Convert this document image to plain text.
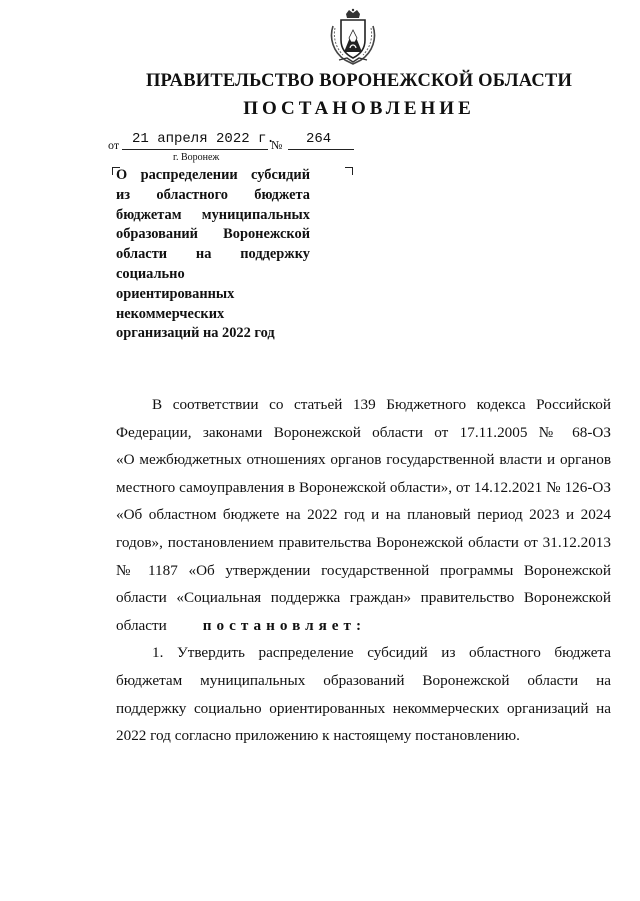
ПРАВИТЕЛЬСТВО ВОРОНЕЖСКОЙ ОБЛАСТИ
ПОСТАНОВЛЕНИЕ
от 21 апреля 2022 г.
№ 264
г. Воронеж
О распределении субсидий
из областного бюджета
бюджетам муниципальных
образований Воронежской
области на поддержку
социально
ориентированных
некоммерческих
организаций на 2022 год
В соответствии со статьей 139 Бюджетного кодекса Российской
Федерации, законами Воронежской области от 17.11.2005 № 68-ОЗ
«О межбюджетных отношениях органов государственной власти и органов
местного самоуправления в Воронежской области», от 14.12.2021 № 126-ОЗ
«Об областном бюджете на 2022 год и на плановый период 2023 и 2024
годов», постановлением правительства Воронежской области от 31.12.2013
№ 1187 «Об утверждении государственной программы Воронежской
области «Социальная поддержка граждан» правительство Воронежской
области постановляет:
1. Утвердить распределение субсидий из областного бюджета
бюджетам муниципальных образований Воронежской области на
поддержку социально ориентированных некоммерческих организаций на
2022 год согласно приложению к настоящему постановлению.
